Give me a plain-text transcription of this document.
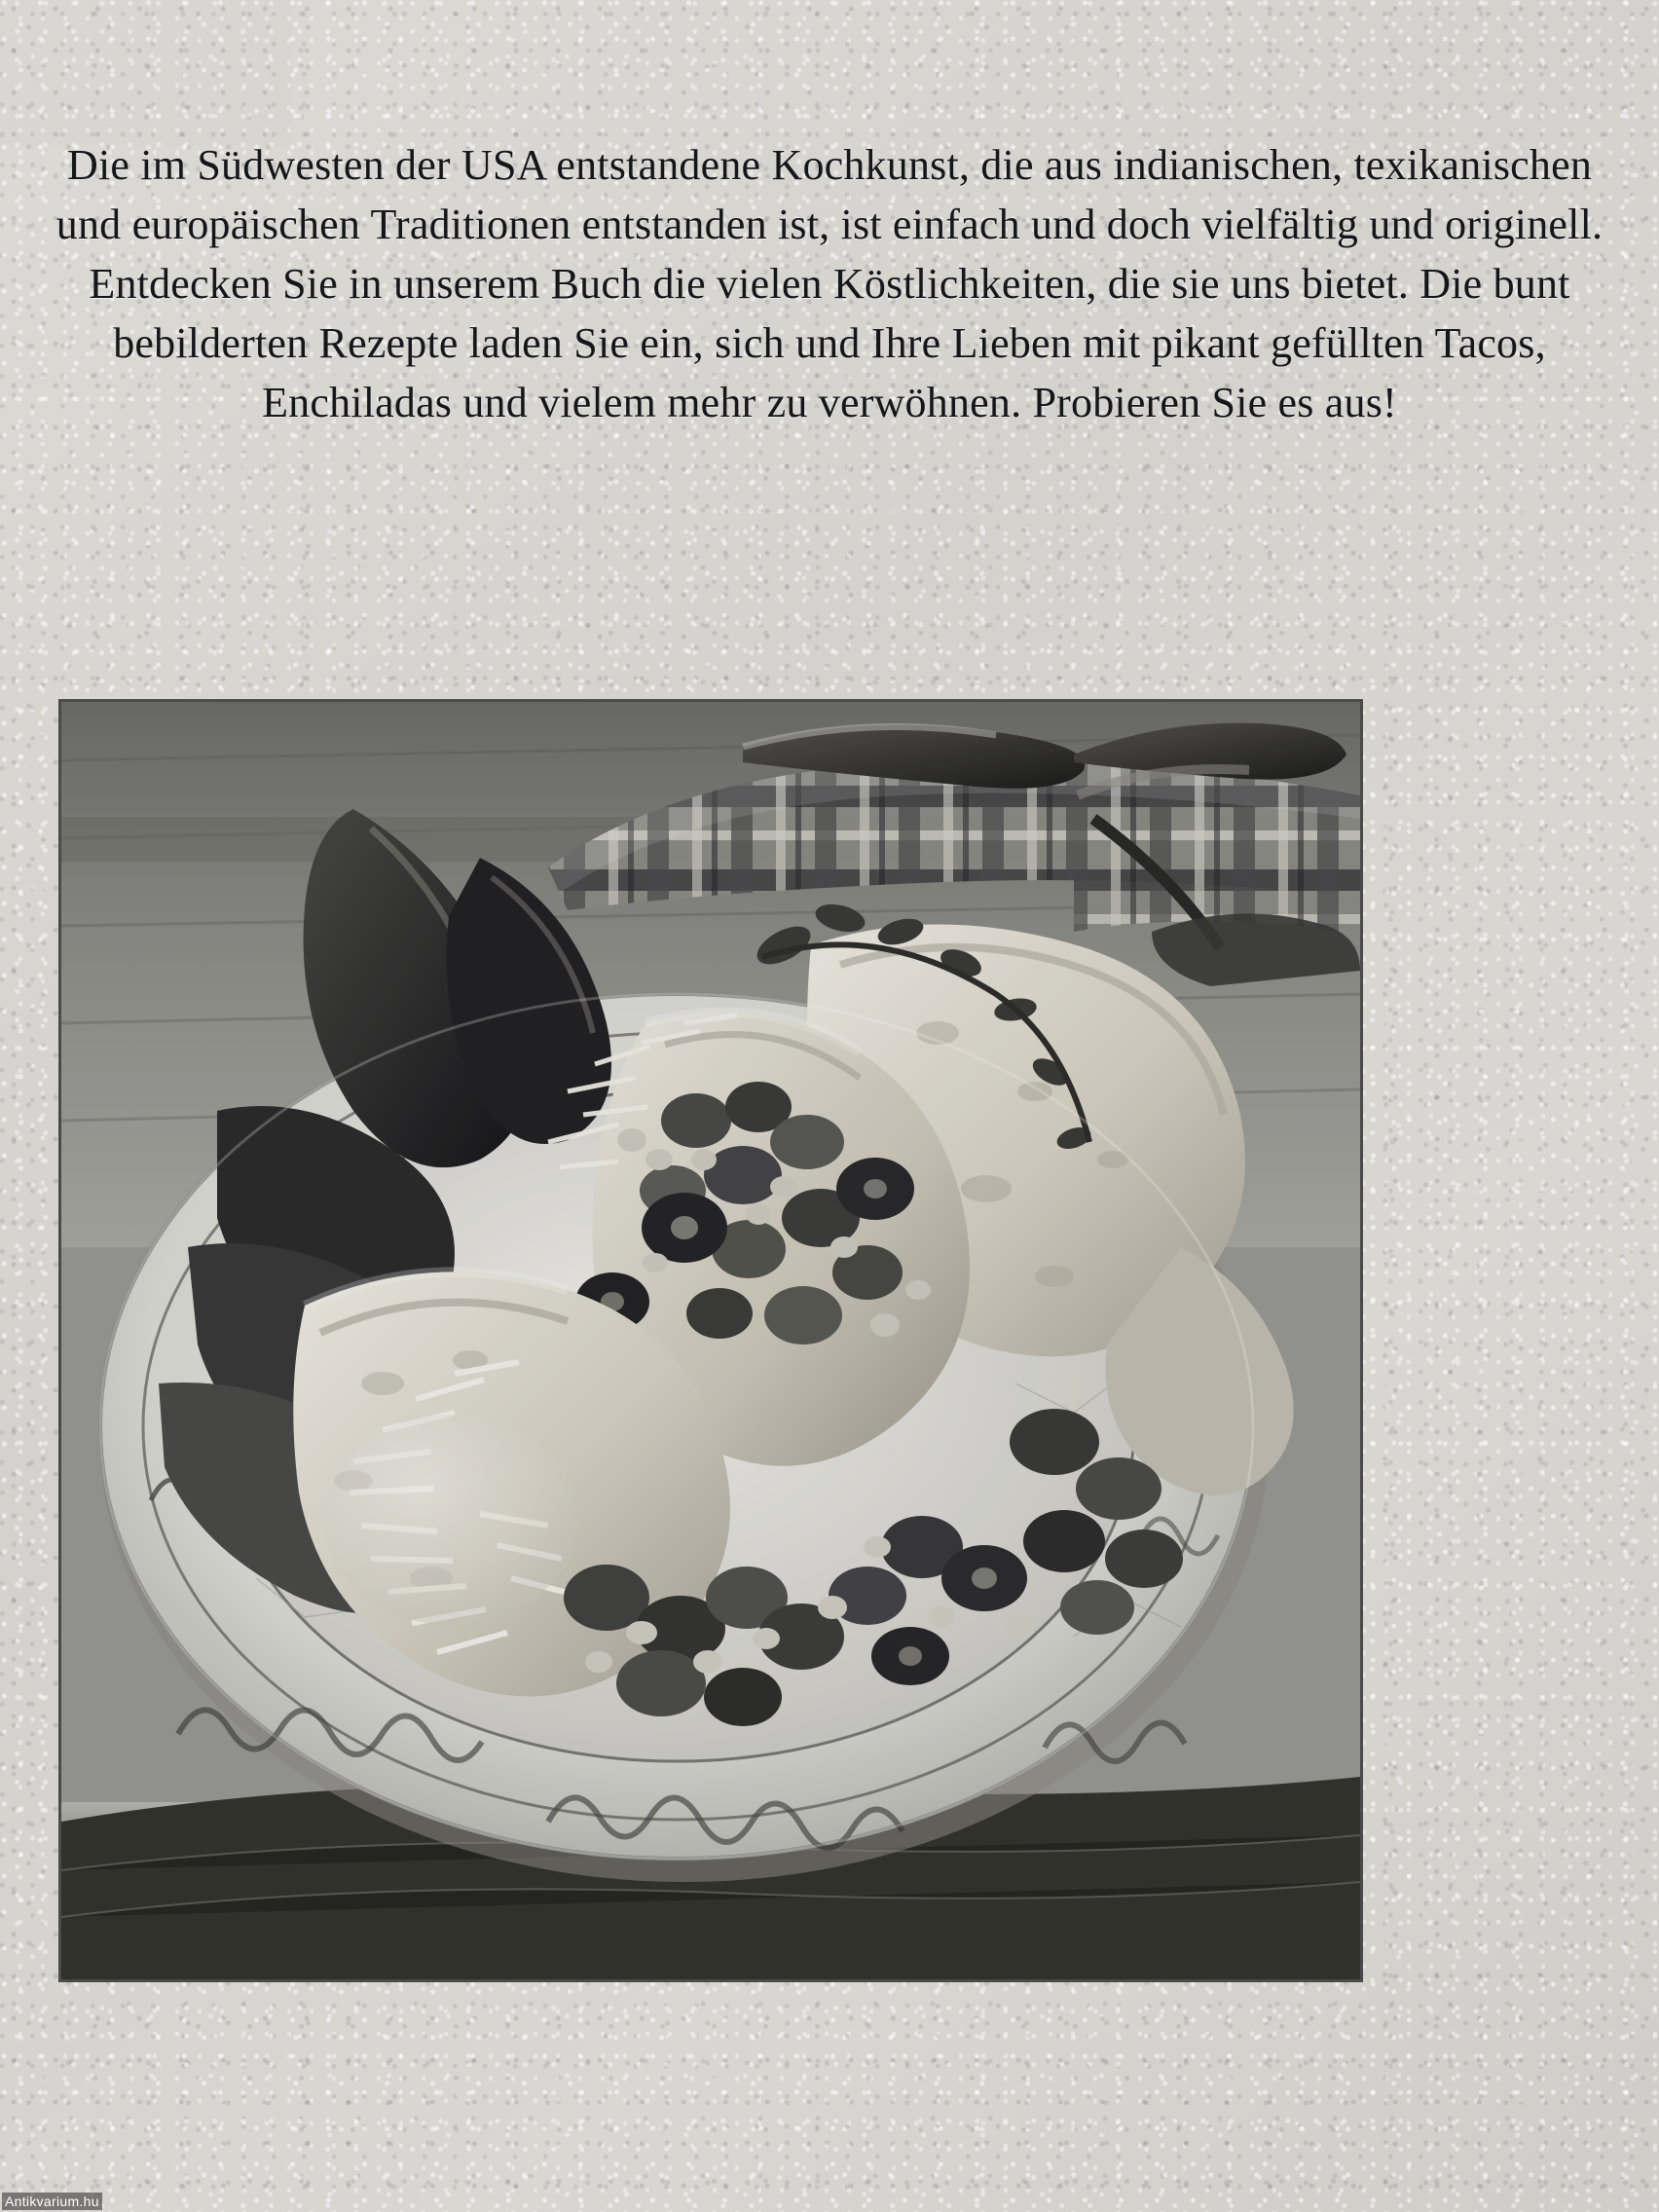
Die im Südwesten der USA entstandene Kochkunst, die aus indianischen, texikanischen und europäischen Traditionen entstanden ist, ist einfach und doch vielfältig und originell. Entdecken Sie in unserem Buch die vielen Köstlichkeiten, die sie uns bietet. Die bunt bebilderten Rezepte laden Sie ein, sich und Ihre Lieben mit pikant gefüllten Tacos, Enchiladas und vielem mehr zu verwöhnen. Probieren Sie es aus!

Antikvarium.hu
